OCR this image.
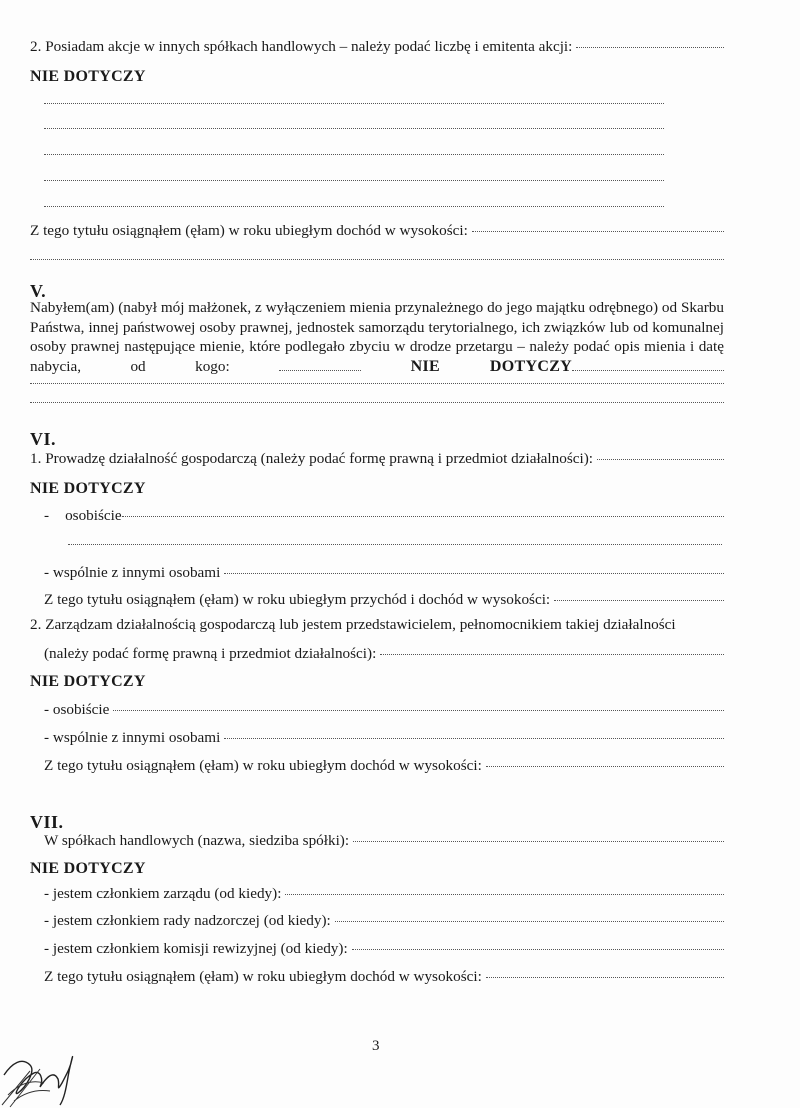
2. Posiadam akcje w innych spółkach handlowych – należy podać liczbę i emitenta akcji:
NIE DOTYCZY
Z tego tytułu osiągnąłem (ęłam) w roku ubiegłym dochód w wysokości:
V.
Nabyłem(am) (nabył mój małżonek, z wyłączeniem mienia przynależnego do jego majątku odrębnego) od Skarbu Państwa, innej państwowej osoby prawnej, jednostek samorządu terytorialnego, ich związków lub od komunalnej osoby prawnej następujące mienie, które podlegało zbyciu w drodze przetargu – należy podać opis mienia i datę nabycia, od kogo:	NIE DOTYCZY
VI.
1. Prowadzę działalność gospodarczą (należy podać formę prawną i przedmiot działalności):
NIE DOTYCZY
- osobiście
- wspólnie z innymi osobami
Z tego tytułu osiągnąłem (ęłam) w roku ubiegłym przychód i dochód w wysokości:
2. Zarządzam działalnością gospodarczą lub jestem przedstawicielem, pełnomocnikiem takiej działalności
(należy podać formę prawną i przedmiot działalności):
NIE DOTYCZY
- osobiście
- wspólnie z innymi osobami
Z tego tytułu osiągnąłem (ęłam) w roku ubiegłym dochód w wysokości:
VII.
W spółkach handlowych (nazwa, siedziba spółki):
NIE DOTYCZY
- jestem członkiem zarządu (od kiedy):
- jestem członkiem rady nadzorczej (od kiedy):
- jestem członkiem komisji rewizyjnej (od kiedy):
Z tego tytułu osiągnąłem (ęłam) w roku ubiegłym dochód w wysokości:
3
